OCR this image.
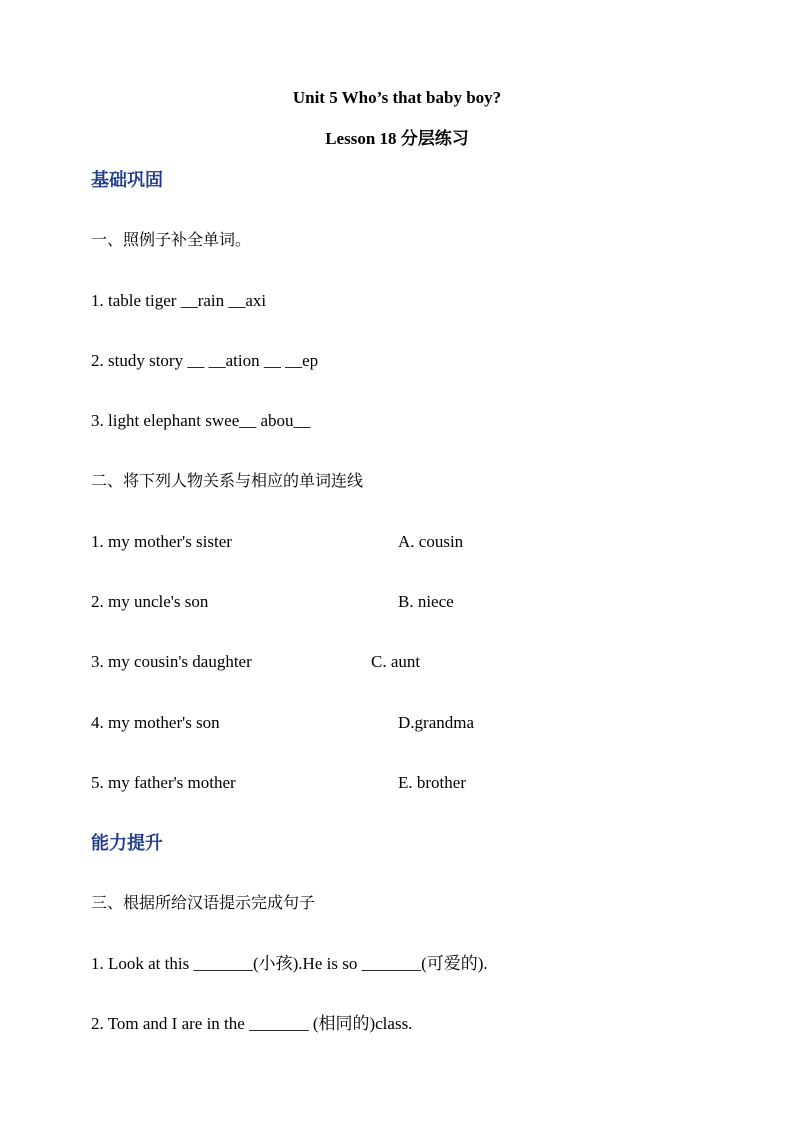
Unit 5 Who’s that baby boy?
Lesson 18 分层练习
基础巩固
一、照例子补全单词。
1. table tiger __rain __axi
2. study story __ __ation __ __ep
3. light elephant swee__ abou__
二、将下列人物关系与相应的单词连线
1. my mother's sister	A. cousin
2. my uncle's son	B. niece
3. my cousin's daughter	C. aunt
4. my mother's son	D.grandma
5. my father's mother	E. brother
能力提升
三、根据所给汉语提示完成句子
1. Look at this _______(小孩).He is so _______(可爱的).
2. Tom and I are in the _______ (相同的)class.
